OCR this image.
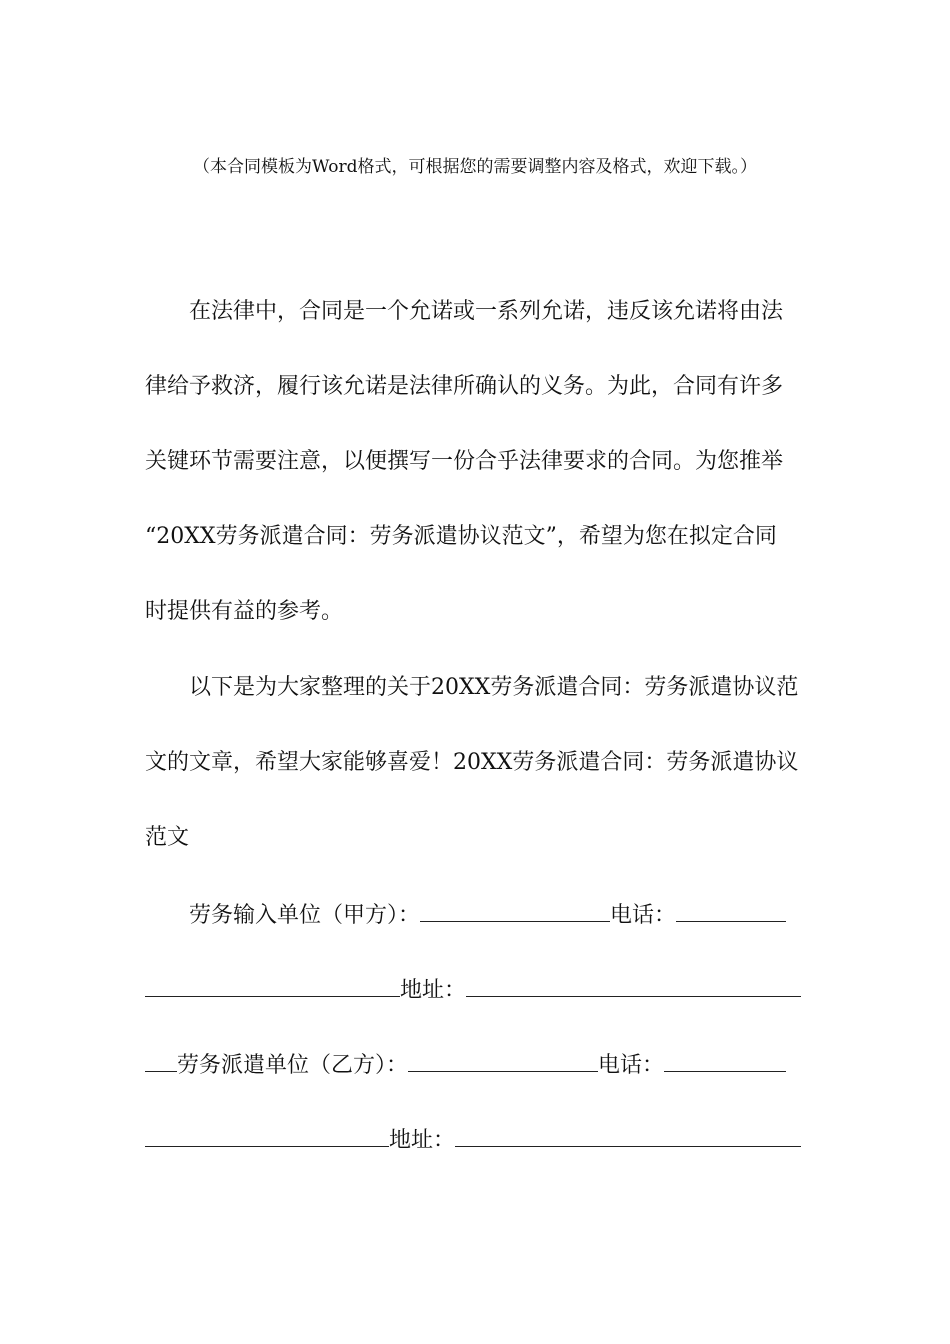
（本合同模板为Word格式，可根据您的需要调整内容及格式，欢迎下载。）
在法律中，合同是一个允诺或一系列允诺，违反该允诺将由法
律给予救济，履行该允诺是法律所确认的义务。为此，合同有许多
关键环节需要注意，以便撰写一份合乎法律要求的合同。为您推举
“20XX劳务派遣合同：劳务派遣协议范文”，希望为您在拟定合同
时提供有益的参考。
以下是为大家整理的关于20XX劳务派遣合同：劳务派遣协议范
文的文章，希望大家能够喜爱！20XX劳务派遣合同：劳务派遣协议
范文
劳务输入单位（甲方）：	电话：
地址：
劳务派遣单位（乙方）：	电话：
地址：
